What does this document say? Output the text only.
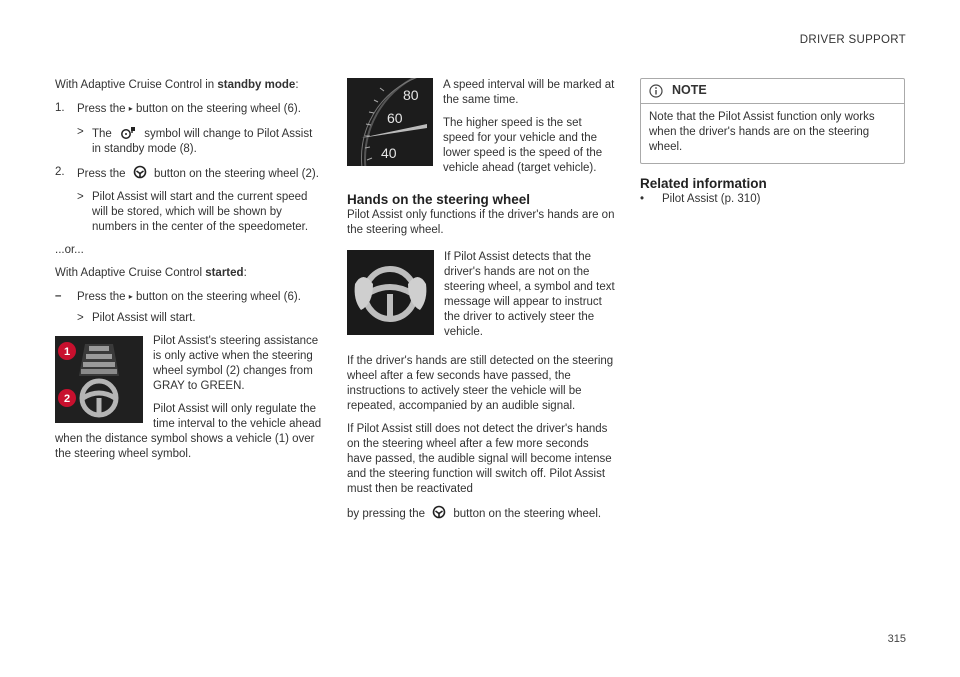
DRIVER SUPPORT

With Adaptive Cruise Control in standby mode:

1.	Press the ▸ button on the steering wheel (6).
> The  symbol will change to Pilot Assist in standby mode (8).
2.	Press the  button on the steering wheel (2).
> Pilot Assist will start and the current speed will be stored, which will be shown by numbers in the center of the speedometer.

...or...

With Adaptive Cruise Control started:

–	Press the ▸ button on the steering wheel (6).
> Pilot Assist will start.
1
2

Pilot Assist's steering assistance is only active when the steering wheel symbol (2) changes from GRAY to GREEN.

Pilot Assist will only regulate the time interval to the vehicle ahead when the distance symbol shows a vehicle (1) over the steering wheel symbol.

80
60
40

A speed interval will be marked at the same time.

The higher speed is the set speed for your vehicle and the lower speed is the speed of the vehicle ahead (target vehicle).

Hands on the steering wheel

Pilot Assist only functions if the driver's hands are on the steering wheel.

If Pilot Assist detects that the driver's hands are not on the steering wheel, a symbol and text message will appear to instruct the driver to actively steer the vehicle.

If the driver's hands are still detected on the steering wheel after a few seconds have passed, the instructions to actively steer the vehicle will be repeated, accompanied by an audible signal.

If Pilot Assist still does not detect the driver's hands on the steering wheel after a few more seconds have passed, the audible signal will become intense and the steering function will switch off. Pilot Assist must then be reactivated

by pressing the  button on the steering wheel.

NOTE
Note that the Pilot Assist function only works when the driver's hands are on the steering wheel.
Related information
•	Pilot Assist (p. 310)
315
